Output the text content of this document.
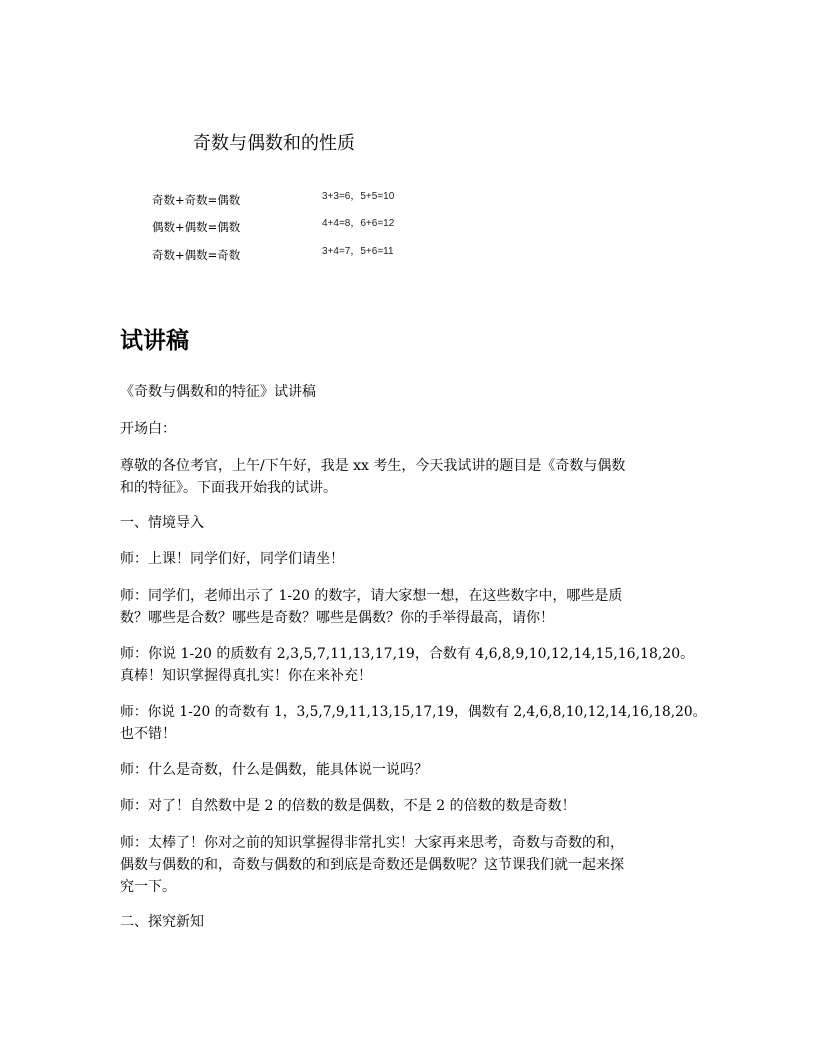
奇数与偶数和的性质
奇数+奇数=偶数	3+3=6，5+5=10
偶数+偶数=偶数	4+4=8，6+6=12
奇数+偶数=奇数	3+4=7，5+6=11
试讲稿
《奇数与偶数和的特征》试讲稿
开场白：
尊敬的各位考官，上午/下午好，我是 xx 考生，今天我试讲的题目是《奇数与偶数
和的特征》。下面我开始我的试讲。
一、情境导入
师：上课！同学们好，同学们请坐！
师：同学们，老师出示了 1-20 的数字，请大家想一想，在这些数字中，哪些是质
数？哪些是合数？哪些是奇数？哪些是偶数？你的手举得最高，请你！
师：你说 1-20 的质数有 2,3,5,7,11,13,17,19，合数有 4,6,8,9,10,12,14,15,16,18,20。
真棒！知识掌握得真扎实！你在来补充！
师：你说 1-20 的奇数有 1，3,5,7,9,11,13,15,17,19，偶数有 2,4,6,8,10,12,14,16,18,20。
也不错！
师：什么是奇数，什么是偶数，能具体说一说吗？
师：对了！自然数中是 2 的倍数的数是偶数，不是 2 的倍数的数是奇数！
师：太棒了！你对之前的知识掌握得非常扎实！大家再来思考，奇数与奇数的和，
偶数与偶数的和，奇数与偶数的和到底是奇数还是偶数呢？这节课我们就一起来探
究一下。
二、探究新知
